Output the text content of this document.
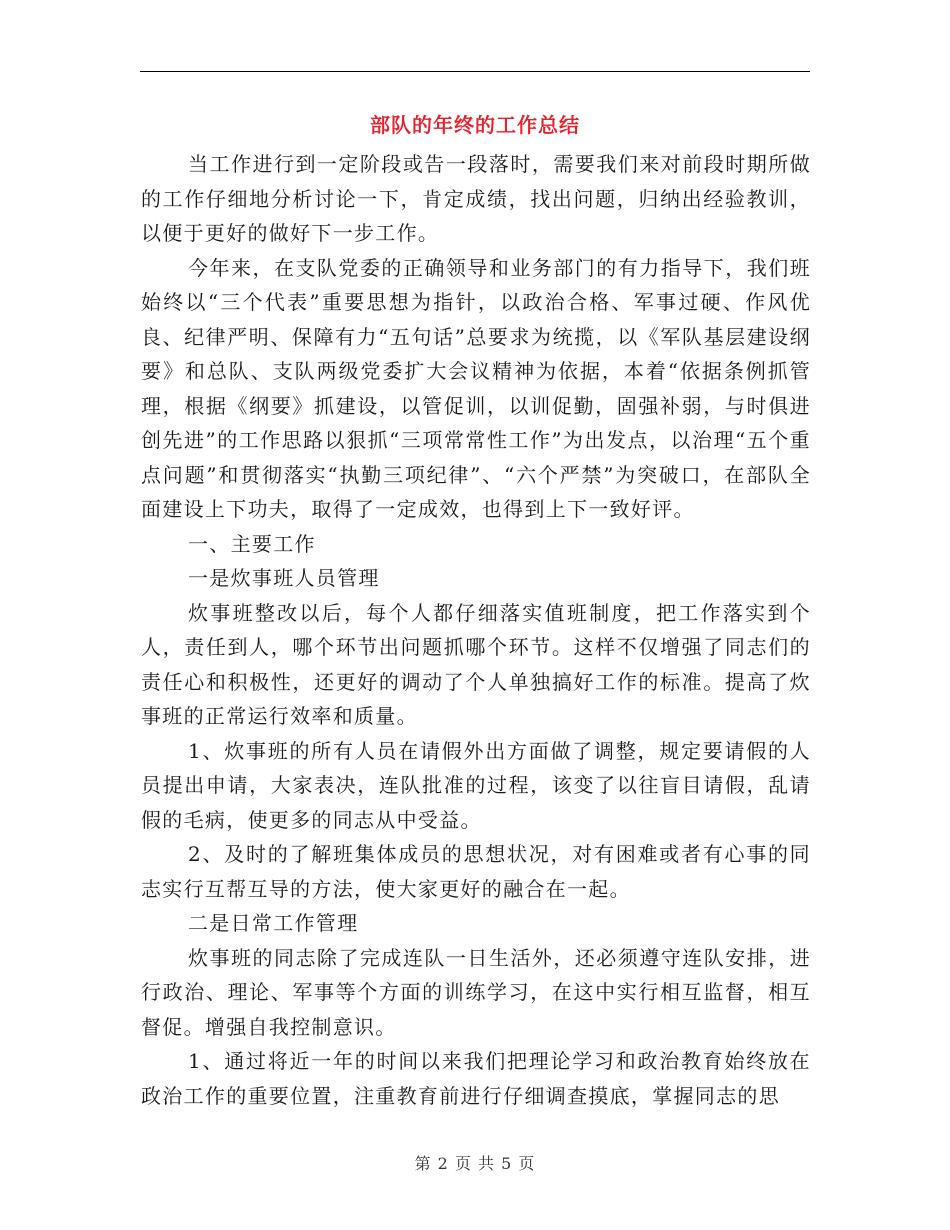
部队的年终的工作总结

当工作进行到一定阶段或告一段落时，需要我们来对前段时期所做的工作仔细地分析讨论一下，肯定成绩，找出问题，归纳出经验教训，以便于更好的做好下一步工作。

今年来，在支队党委的正确领导和业务部门的有力指导下，我们班始终以“三个代表”重要思想为指针，以政治合格、军事过硬、作风优良、纪律严明、保障有力“五句话”总要求为统揽，以《军队基层建设纲要》和总队、支队两级党委扩大会议精神为依据，本着“依据条例抓管理，根据《纲要》抓建设，以管促训，以训促勤，固强补弱，与时俱进创先进”的工作思路以狠抓“三项常常性工作”为出发点，以治理“五个重点问题”和贯彻落实“执勤三项纪律”、“六个严禁”为突破口，在部队全面建设上下功夫，取得了一定成效，也得到上下一致好评。

一、主要工作

一是炊事班人员管理

炊事班整改以后，每个人都仔细落实值班制度，把工作落实到个人，责任到人，哪个环节出问题抓哪个环节。这样不仅增强了同志们的责任心和积极性，还更好的调动了个人单独搞好工作的标准。提高了炊事班的正常运行效率和质量。

1、炊事班的所有人员在请假外出方面做了调整，规定要请假的人员提出申请，大家表决，连队批准的过程，该变了以往盲目请假，乱请假的毛病，使更多的同志从中受益。

2、及时的了解班集体成员的思想状况，对有困难或者有心事的同志实行互帮互导的方法，使大家更好的融合在一起。

二是日常工作管理

炊事班的同志除了完成连队一日生活外，还必须遵守连队安排，进行政治、理论、军事等个方面的训练学习，在这中实行相互监督，相互督促。增强自我控制意识。

1、通过将近一年的时间以来我们把理论学习和政治教育始终放在政治工作的重要位置，注重教育前进行仔细调查摸底，掌握同志的思

第 2 页 共 5 页
